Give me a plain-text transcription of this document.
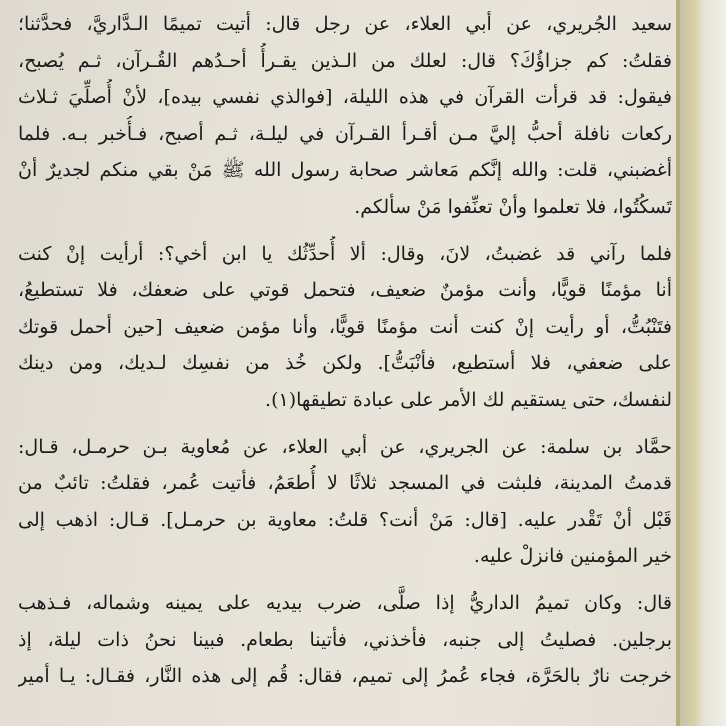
سعيد الجُريري، عن أبي العلاء، عن رجل قال: أتيت تميمًا الـدَّاريَّ، فحدَّثنا؛
فقلتُ: كم جزاؤُكَ؟ قال: لعلك من الـذين يقـرأُ أحـدُهم القُـرآن، ثـم يُصبح،
فيقول: قد قرأت القرآن في هذه الليلة، [فوالذي نفسي بيده]، لأنْ أُصلِّيَ ثـلاث
ركعات نافلة أحبُّ إليَّ مـن أقـرأ القـرآن في ليلـة، ثـم أصبح، فـأُخبر بـه. فلما
أغضبني، قلت: والله إنَّكم مَعاشر صحابة رسول الله ﷺ مَنْ بقي منكم لجديرٌ أنْ
تَسكُتُوا، فلا تعلموا وأنْ تعنِّفوا مَنْ سألكم.
فلما رآني قد غضبتُ، لانَ، وقال: ألا أُحدِّثُك يا ابن أخي؟: أرأيت إنْ كنت
أنا مؤمنًا قويًّا، وأنت مؤمنٌ ضعيف، فتحمل قوتي على ضعفك، فلا تستطيعُ،
فتَنْبُتُّ، أو رأيت إنْ كنت أنت مؤمنًا قويًّا، وأنا مؤمن ضعيف [حين أحمل قوتك
على ضعفي، فلا أستطيع، فأنْبَتُّ]. ولكن خُذ من نفسِك لـديك، ومن دينك
لنفسك، حتى يستقيم لك الأمر على عبادة تطيقها(١).
حمَّاد بن سلمة: عن الجريري، عن أبي العلاء، عن مُعاوية بـن حرمـل، قـال:
قدمتُ المدينة، فلبثت في المسجد ثلاثًا لا أُطعَمُ، فأتيت عُمر، فقلتُ: تائبٌ من
قَبْل أنْ تَقْدر عليه. [قال: مَنْ أنت؟ قلتُ: معاوية بن حرمـل]. قـال: اذهب إلى
خير المؤمنين فانزلْ عليه.
قال: وكان تميمُ الداريُّ إذا صلَّى، ضرب بيديه على يمينه وشماله، فـذهب
برجلين. فصليتُ إلى جنبه، فأخذني، فأتينا بطعام. فبينا نحنُ ذات ليلة، إذ
خرجت نارٌ بالحَرَّة، فجاء عُمرُ إلى تميم، فقال: قُم إلى هذه النَّار، فقـال: يـا أمير
